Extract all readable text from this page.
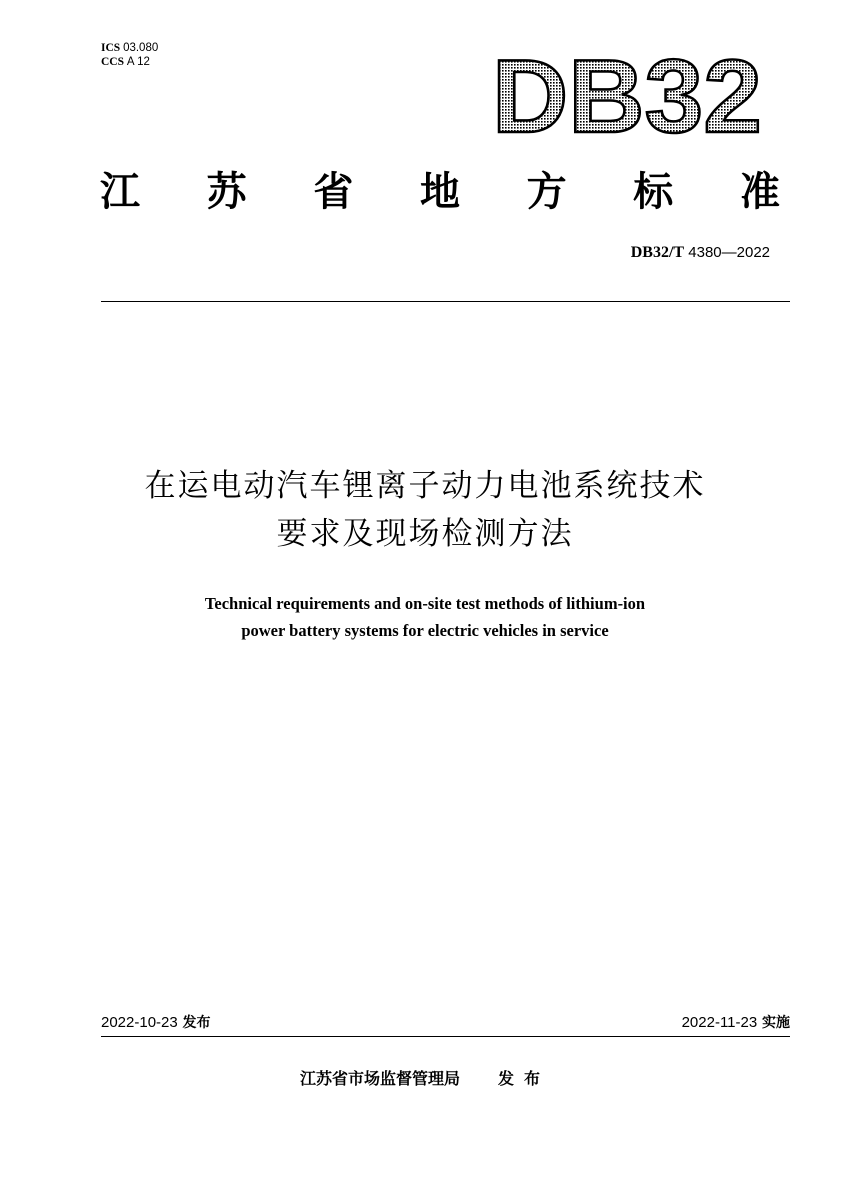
ICS 03.080
CCS A 12	DB32
江 苏 省 地 方 标 准
DB32/T 4380—2022
在运电动汽车锂离子动力电池系统技术
要求及现场检测方法
Technical requirements and on-site test methods of lithium-ion
power battery systems for electric vehicles in service
2022-10-23 发布	2022-11-23 实施
江苏省市场监督管理局 发布
